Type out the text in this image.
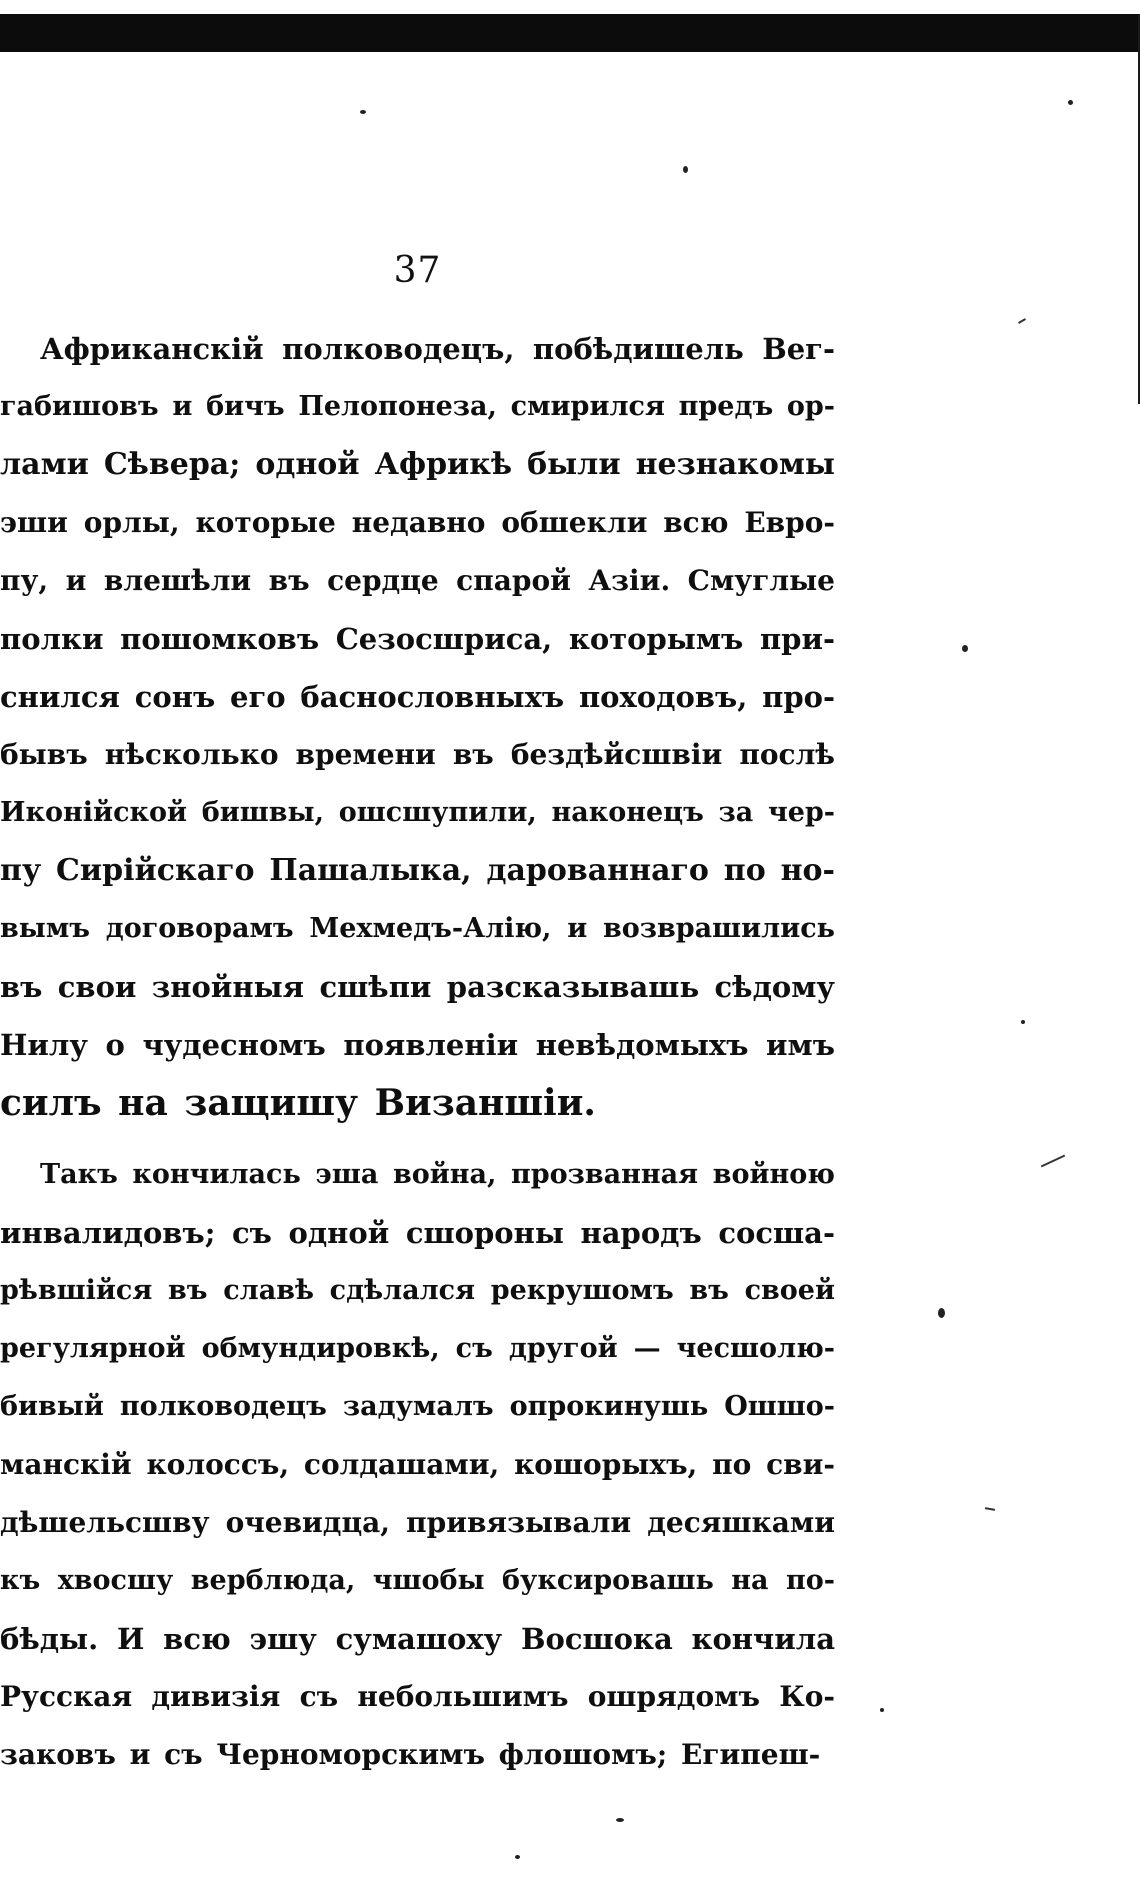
37
Африканскій полководецъ, побѣдишель Вег-
габишовъ и бичъ Пелопонеза, смирился предъ ор-
лами Сѣвера; одной Африкѣ были незнакомы
эши орлы, которые недавно обшекли всю Евро-
пу, и влешѣли въ сердце спарой Азіи. Смуглые
полки пошомковъ Сезосшриса, которымъ при-
снился сонъ его баснословныхъ походовъ, про-
бывъ нѣсколько времени въ бездѣйсшвіи послѣ
Иконійской бишвы, ошсшупили, наконецъ за чер-
пу Сирійскаго Пашалыка, дарованнаго по но-
вымъ договорамъ Мехмедъ-Алію, и возврашились
въ свои знойныя сшѣпи разсказывашь сѣдому
Нилу о чудесномъ появленіи невѣдомыхъ имъ
силъ на защишу Визаншіи.
Такъ кончилась эша война, прозванная войною
инвалидовъ; съ одной сшороны народъ сосша-
рѣвшійся въ славѣ сдѣлался рекрушомъ въ своей
регулярной обмундировкѣ, съ другой — чесшолю-
бивый полководецъ задумалъ опрокинушь Ошшо-
манскій колоссъ, солдашами, кошорыхъ, по сви-
дѣшельсшву очевидца, привязывали десяшками
къ хвосшу верблюда, чшобы буксировашь на по-
бѣды. И всю эшу сумашоху Восшока кончила
Русская дивизія съ небольшимъ ошрядомъ Ко-
заковъ и съ Черноморскимъ флошомъ; Египеш-
